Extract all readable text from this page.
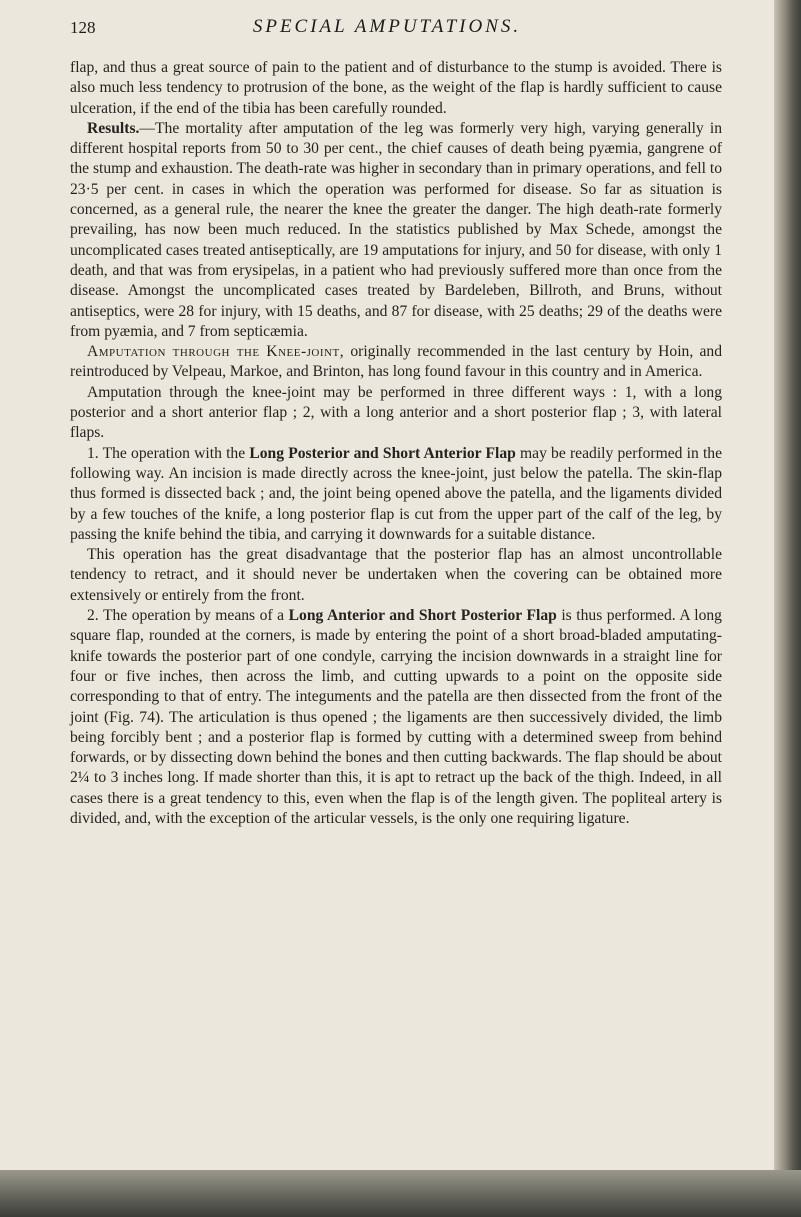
128	SPECIAL AMPUTATIONS.

flap, and thus a great source of pain to the patient and of disturbance to the stump is avoided. There is also much less tendency to protrusion of the bone, as the weight of the flap is hardly sufficient to cause ulceration, if the end of the tibia has been carefully rounded.

Results.—The mortality after amputation of the leg was formerly very high, varying generally in different hospital reports from 50 to 30 per cent., the chief causes of death being pyæmia, gangrene of the stump and exhaustion. The death-rate was higher in secondary than in primary operations, and fell to 23·5 per cent. in cases in which the operation was performed for disease. So far as situation is concerned, as a general rule, the nearer the knee the greater the danger. The high death-rate formerly prevailing, has now been much reduced. In the statistics published by Max Schede, amongst the uncomplicated cases treated antiseptically, are 19 amputations for injury, and 50 for disease, with only 1 death, and that was from erysipelas, in a patient who had previously suffered more than once from the disease. Amongst the uncomplicated cases treated by Bardeleben, Billroth, and Bruns, without antiseptics, were 28 for injury, with 15 deaths, and 87 for disease, with 25 deaths; 29 of the deaths were from pyæmia, and 7 from septicæmia.

Amputation through the Knee-joint, originally recommended in the last century by Hoin, and reintroduced by Velpeau, Markoe, and Brinton, has long found favour in this country and in America.

Amputation through the knee-joint may be performed in three different ways : 1, with a long posterior and a short anterior flap ; 2, with a long anterior and a short posterior flap ; 3, with lateral flaps.

1. The operation with the Long Posterior and Short Anterior Flap may be readily performed in the following way. An incision is made directly across the knee-joint, just below the patella. The skin-flap thus formed is dissected back ; and, the joint being opened above the patella, and the ligaments divided by a few touches of the knife, a long posterior flap is cut from the upper part of the calf of the leg, by passing the knife behind the tibia, and carrying it downwards for a suitable distance.

This operation has the great disadvantage that the posterior flap has an almost uncontrollable tendency to retract, and it should never be undertaken when the covering can be obtained more extensively or entirely from the front.

2. The operation by means of a Long Anterior and Short Posterior Flap is thus performed. A long square flap, rounded at the corners, is made by entering the point of a short broad-bladed amputating-knife towards the posterior part of one condyle, carrying the incision downwards in a straight line for four or five inches, then across the limb, and cutting upwards to a point on the opposite side corresponding to that of entry. The integuments and the patella are then dissected from the front of the joint (Fig. 74). The articulation is thus opened ; the ligaments are then successively divided, the limb being forcibly bent ; and a posterior flap is formed by cutting with a determined sweep from behind forwards, or by dissecting down behind the bones and then cutting backwards. The flap should be about 2¼ to 3 inches long. If made shorter than this, it is apt to retract up the back of the thigh. Indeed, in all cases there is a great tendency to this, even when the flap is of the length given. The popliteal artery is divided, and, with the exception of the articular vessels, is the only one requiring ligature.
